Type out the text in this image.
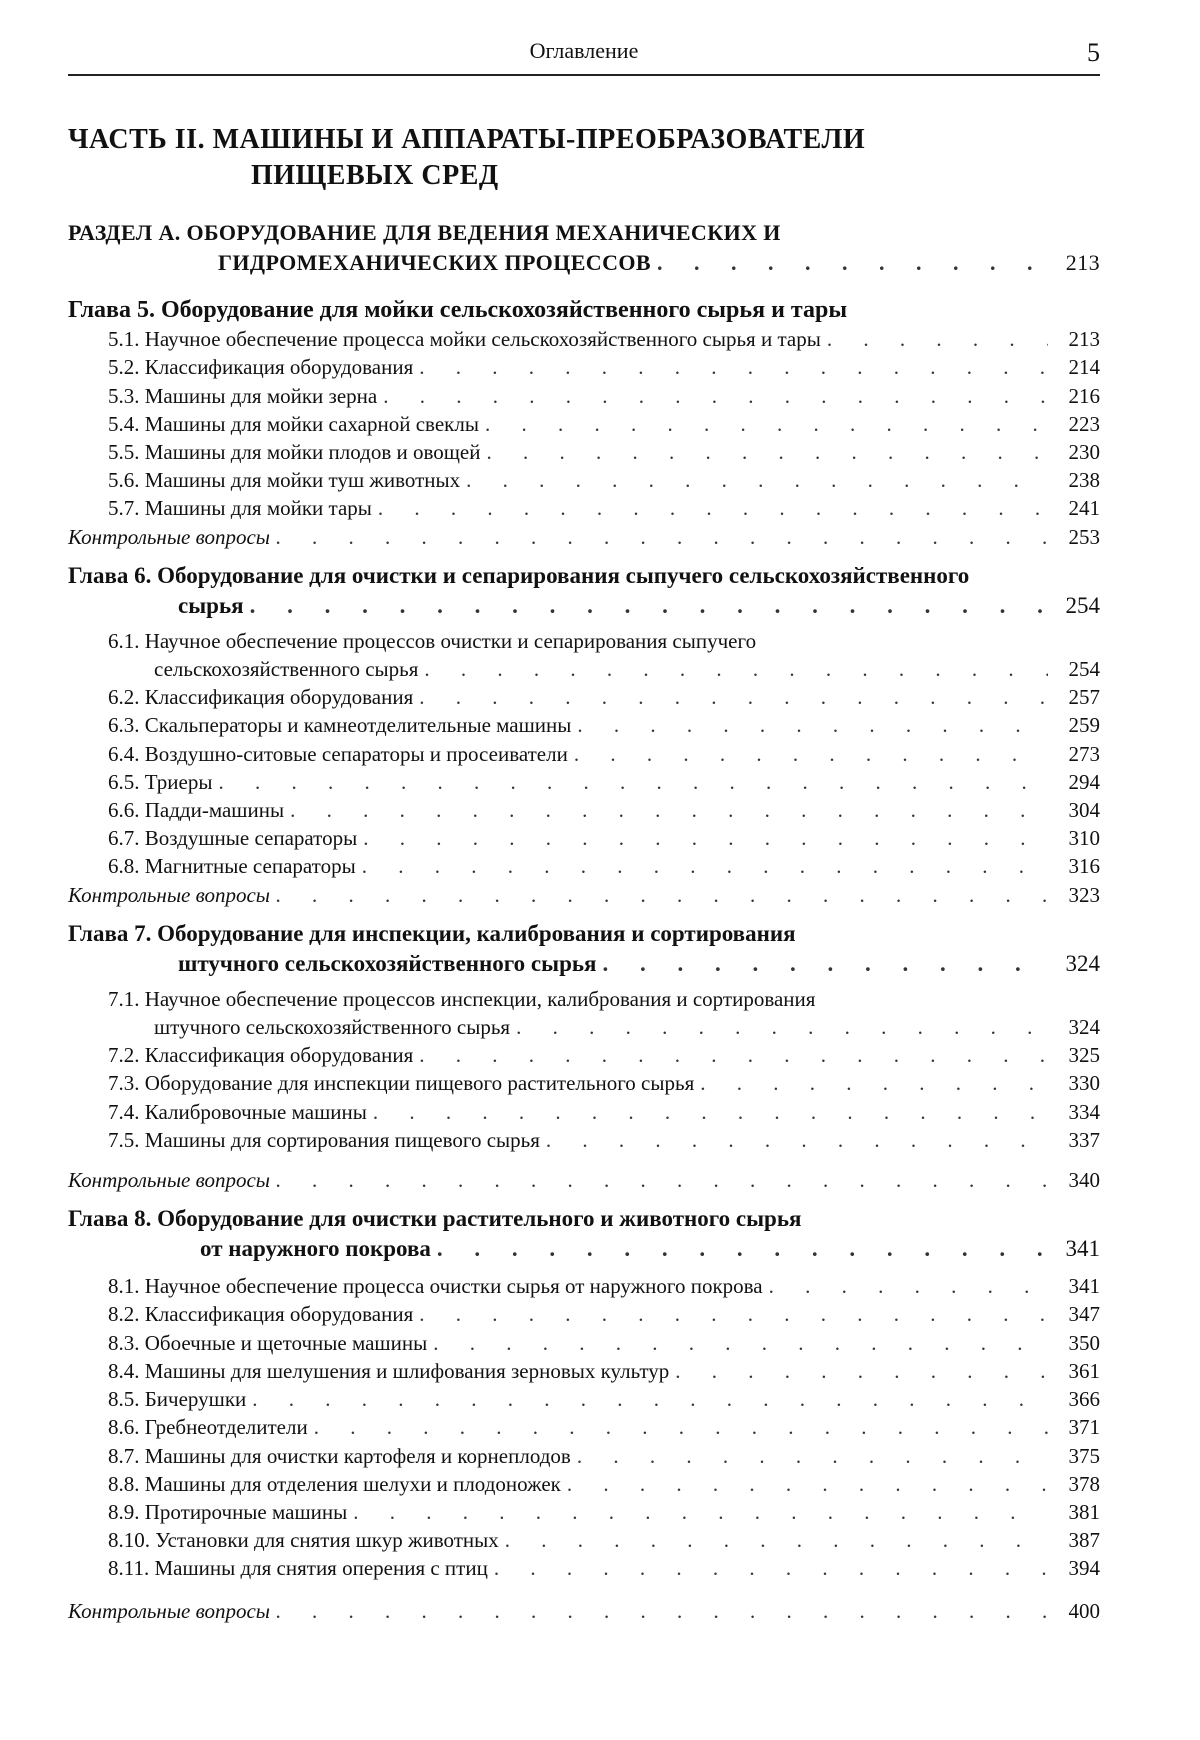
Оглавление	5
ЧАСТЬ II. МАШИНЫ И АППАРАТЫ-ПРЕОБРАЗОВАТЕЛИ
ПИЩЕВЫХ СРЕД
РАЗДЕЛ А. ОБОРУДОВАНИЕ ДЛЯ ВЕДЕНИЯ МЕХАНИЧЕСКИХ И
ГИДРОМЕХАНИЧЕСКИХ ПРОЦЕССОВ . . .	213
Глава 5. Оборудование для мойки сельскохозяйственного сырья и тары
5.1. Научное обеспечение процесса мойки сельскохозяйственного сырья и тары . . .	213
5.2. Классификация оборудования . . .	214
5.3. Машины для мойки зерна . . .	216
5.4. Машины для мойки сахарной свеклы . . .	223
5.5. Машины для мойки плодов и овощей . . .	230
5.6. Машины для мойки туш животных . . .	238
5.7. Машины для мойки тары . . .	241
Контрольные вопросы . . .	253
Глава 6. Оборудование для очистки и сепарирования сыпучего сельскохозяйственного
сырья . . .	254
6.1. Научное обеспечение процессов очистки и сепарирования сыпучего
сельскохозяйственного сырья . . .	254
6.2. Классификация оборудования . . .	257
6.3. Скальператоры и камнеотделительные машины . . .	259
6.4. Воздушно-ситовые сепараторы и просеиватели . . .	273
6.5. Триеры . . .	294
6.6. Падди-машины . . .	304
6.7. Воздушные сепараторы . . .	310
6.8. Магнитные сепараторы . . .	316
Контрольные вопросы . . .	323
Глава 7. Оборудование для инспекции, калибрования и сортирования
штучного сельскохозяйственного сырья . . .	324
7.1. Научное обеспечение процессов инспекции, калибрования и сортирования
штучного сельскохозяйственного сырья . . .	324
7.2. Классификация оборудования . . .	325
7.3. Оборудование для инспекции пищевого растительного сырья . . .	330
7.4. Калибровочные машины . . .	334
7.5. Машины для сортирования пищевого сырья . . .	337
Контрольные вопросы . . .	340
Глава 8. Оборудование для очистки растительного и животного сырья
от наружного покрова . . .	341
8.1. Научное обеспечение процесса очистки сырья от наружного покрова . . .	341
8.2. Классификация оборудования . . .	347
8.3. Обоечные и щеточные машины . . .	350
8.4. Машины для шелушения и шлифования зерновых культур . . .	361
8.5. Бичерушки . . .	366
8.6. Гребнеотделители . . .	371
8.7. Машины для очистки картофеля и корнеплодов . . .	375
8.8. Машины для отделения шелухи и плодоножек . . .	378
8.9. Протирочные машины . . .	381
8.10. Установки для снятия шкур животных . . .	387
8.11. Машины для снятия оперения с птиц . . .	394
Контрольные вопросы . . .	400
